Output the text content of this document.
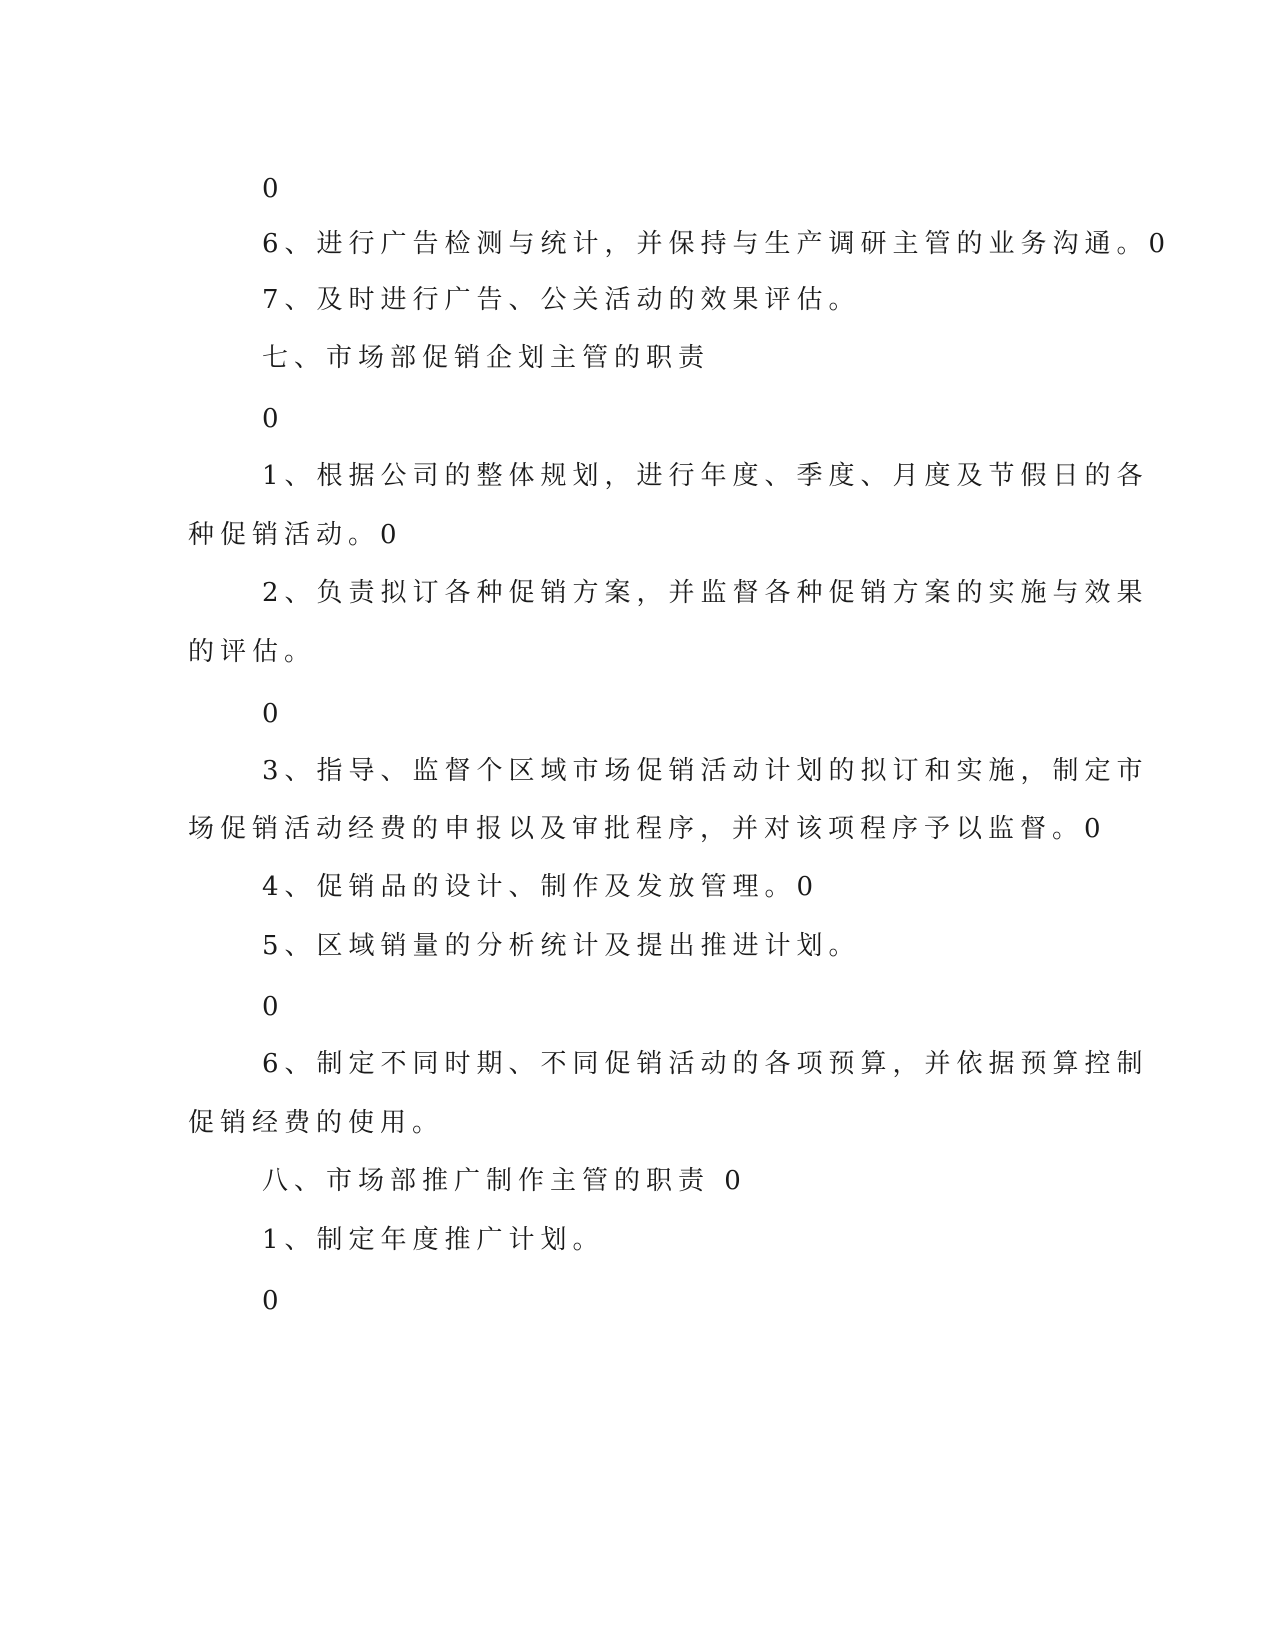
0
6、进行广告检测与统计，并保持与生产调研主管的业务沟通。0
7、及时进行广告、公关活动的效果评估。
七、市场部促销企划主管的职责
0
1、根据公司的整体规划，进行年度、季度、月度及节假日的各
种促销活动。0
2、负责拟订各种促销方案，并监督各种促销方案的实施与效果
的评估。
0
3、指导、监督个区域市场促销活动计划的拟订和实施，制定市
场促销活动经费的申报以及审批程序，并对该项程序予以监督。0
4、促销品的设计、制作及发放管理。0
5、区域销量的分析统计及提出推进计划。
0
6、制定不同时期、不同促销活动的各项预算，并依据预算控制
促销经费的使用。
八、市场部推广制作主管的职责 0
1、制定年度推广计划。
0
